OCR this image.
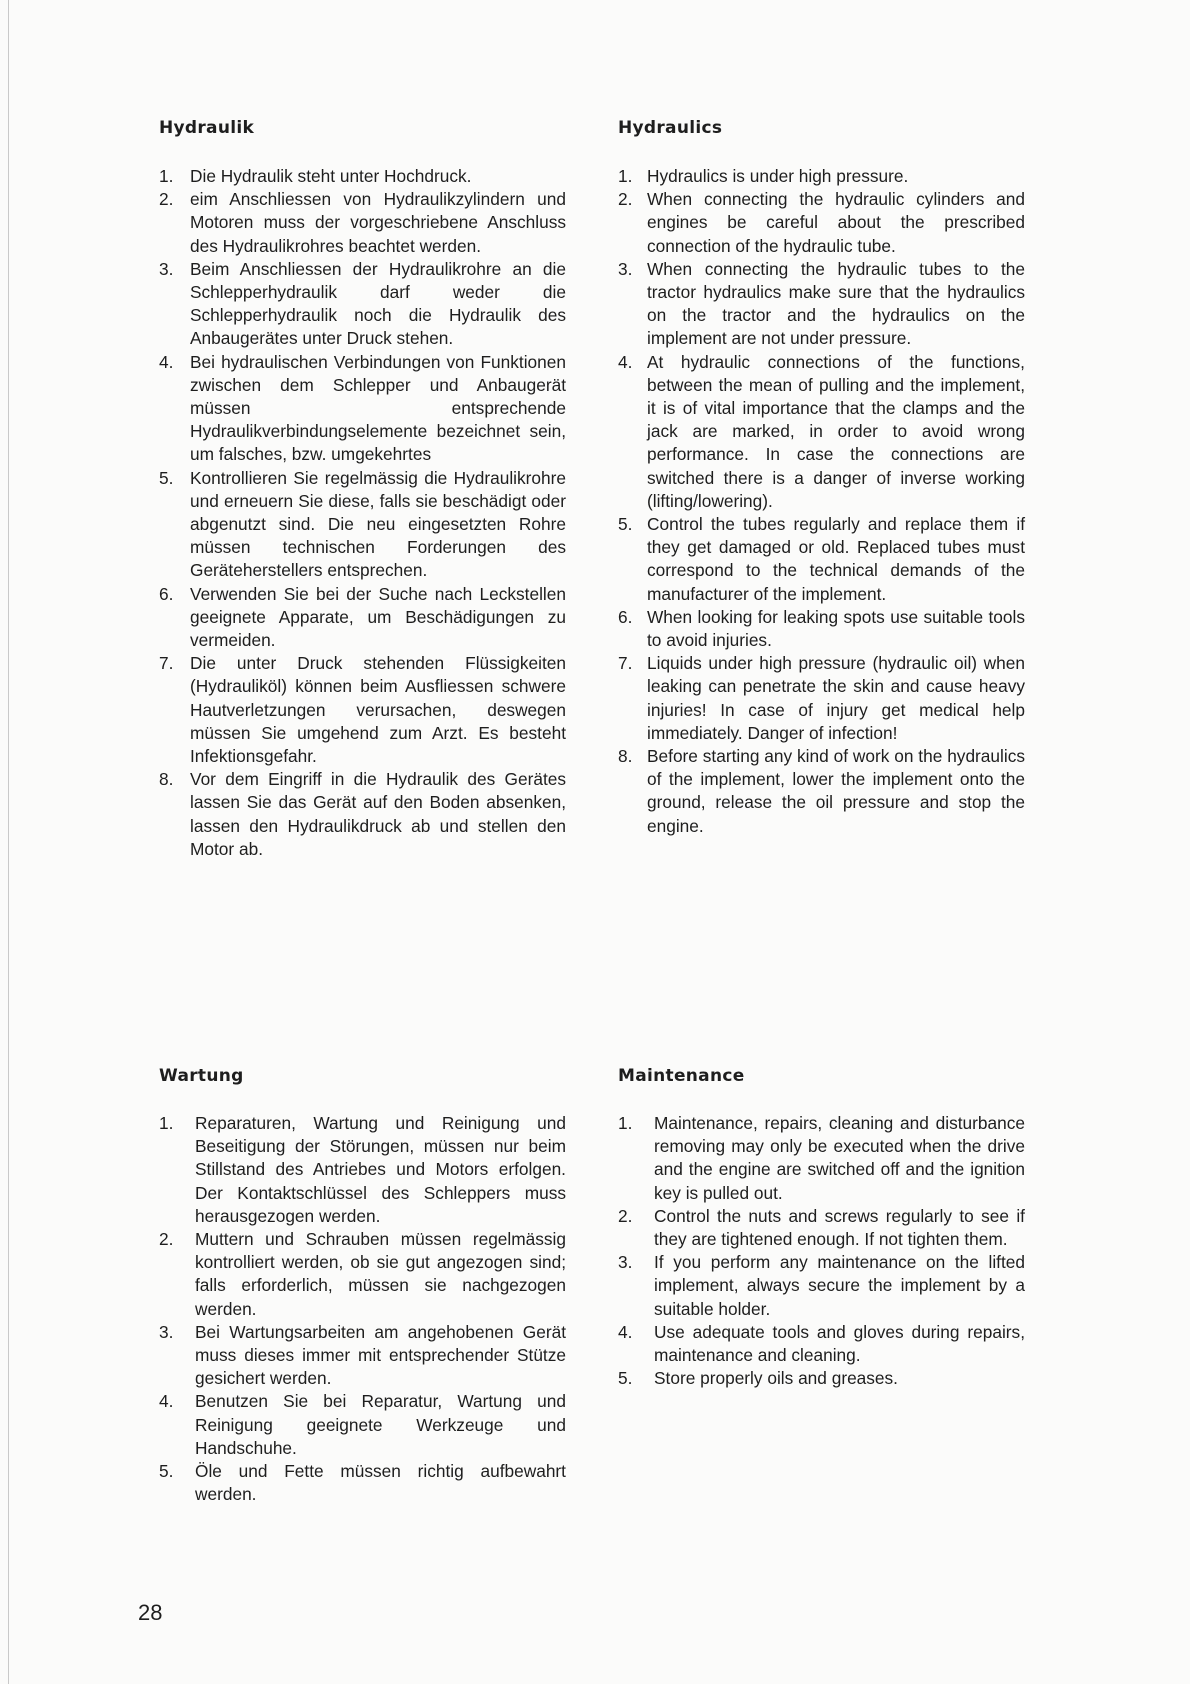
Hydraulik
1. Die Hydraulik steht unter Hochdruck.
2. eim Anschliessen von Hydraulikzylindern und Motoren muss der vorgeschriebene Anschluss des Hydraulikrohres beachtet werden.
3. Beim Anschliessen der Hydraulikrohre an die Schlepperhydraulik darf weder die Schlepperhydraulik noch die Hydraulik des Anbaugerätes unter Druck stehen.
4. Bei hydraulischen Verbindungen von Funktionen zwischen dem Schlepper und Anbaugerät müssen entsprechende Hydraulikverbindungselemente bezeichnet sein, um falsches, bzw. umgekehrtes
5. Kontrollieren Sie regelmässig die Hydraulikrohre und erneuern Sie diese, falls sie beschädigt oder abgenutzt sind. Die neu eingesetzten Rohre müssen technischen Forderungen des Geräteherstellers entsprechen.
6. Verwenden Sie bei der Suche nach Leckstellen geeignete Apparate, um Beschädigungen zu vermeiden.
7. Die unter Druck stehenden Flüssigkeiten (Hydrauliköl) können beim Ausfliessen schwere Hautverletzungen verursachen, deswegen müssen Sie umgehend zum Arzt. Es besteht Infektionsgefahr.
8. Vor dem Eingriff in die Hydraulik des Gerätes lassen Sie das Gerät auf den Boden absenken, lassen den Hydraulikdruck ab und stellen den Motor ab.
Hydraulics
1. Hydraulics is under high pressure.
2. When connecting the hydraulic cylinders and engines be careful about the prescribed connection of the hydraulic tube.
3. When connecting the hydraulic tubes to the tractor hydraulics make sure that the hydraulics on the tractor and the hydraulics on the implement are not under pressure.
4. At hydraulic connections of the functions, between the mean of pulling and the implement, it is of vital importance that the clamps and the jack are marked, in order to avoid wrong performance. In case the connections are switched there is a danger of inverse working (lifting/lowering).
5. Control the tubes regularly and replace them if they get damaged or old. Replaced tubes must correspond to the technical demands of the manufacturer of the implement.
6. When looking for leaking spots use suitable tools to avoid injuries.
7. Liquids under high pressure (hydraulic oil) when leaking can penetrate the skin and cause heavy injuries! In case of injury get medical help immediately. Danger of infection!
8. Before starting any kind of work on the hydraulics of the implement, lower the implement onto the ground, release the oil pressure and stop the engine.
Wartung
1.	Reparaturen, Wartung und Reinigung und Beseitigung der Störungen, müssen nur beim Stillstand des Antriebes und Motors erfolgen. Der Kontaktschlüssel des Schleppers muss herausgezogen werden.
2.	Muttern und Schrauben müssen regelmässig kontrolliert werden, ob sie gut angezogen sind; falls erforderlich, müssen sie nachgezogen werden.
3.	Bei Wartungsarbeiten am angehobenen Gerät muss dieses immer mit entsprechender Stütze gesichert werden.
4.	Benutzen Sie bei Reparatur, Wartung und Reinigung geeignete Werkzeuge und Handschuhe.
5.	Öle und Fette müssen richtig aufbewahrt werden.
Maintenance
1.	Maintenance, repairs, cleaning and disturbance removing may only be executed when the drive and the engine are switched off and the ignition key is pulled out.
2.	Control the nuts and screws regularly to see if they are tightened enough. If not tighten them.
3.	If you perform any maintenance on the lifted implement, always secure the implement by a suitable holder.
4.	Use adequate tools and gloves during repairs, maintenance and cleaning.
5.	Store properly oils and greases.
28
